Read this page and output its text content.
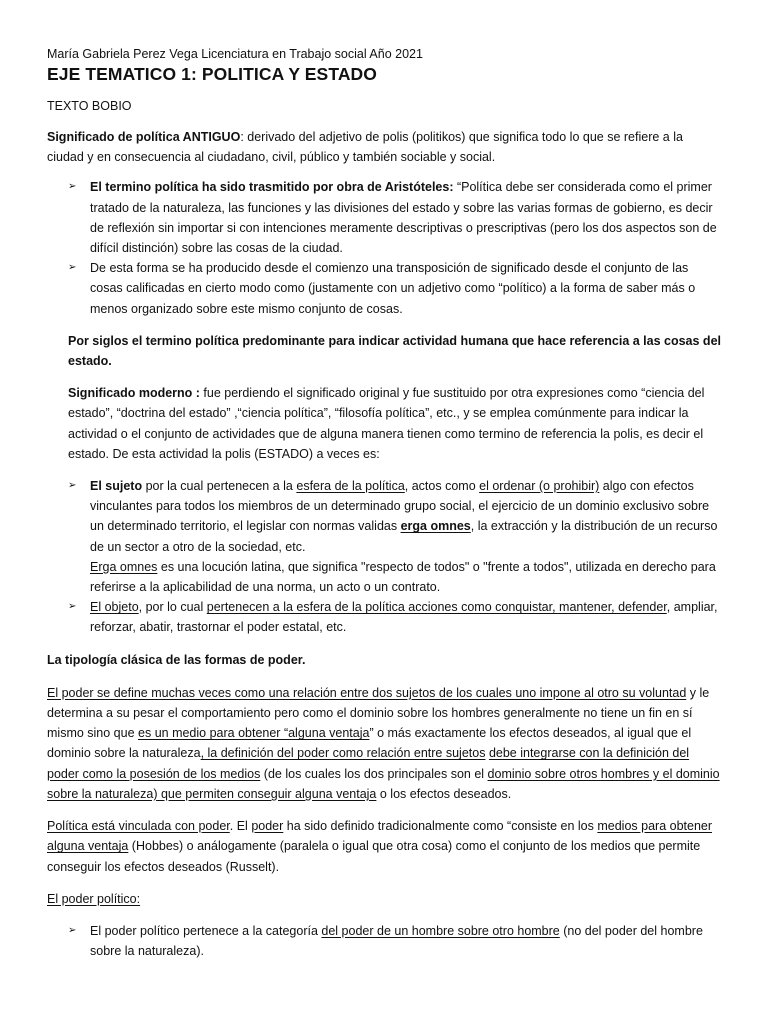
María Gabriela Perez Vega Licenciatura en Trabajo social Año 2021
EJE TEMATICO 1: POLITICA Y ESTADO
TEXTO BOBIO

Significado de política ANTIGUO: derivado del adjetivo de polis (politikos) que significa todo lo que se refiere a la ciudad y en consecuencia al ciudadano, civil, público y también sociable y social.

➢ El termino política ha sido trasmitido por obra de Aristóteles: “Política debe ser considerada como el primer tratado de la naturaleza, las funciones y las divisiones del estado y sobre las varias formas de gobierno, es decir de reflexión sin importar si con intenciones meramente descriptivas o prescriptivas (pero los dos aspectos son de difícil distinción) sobre las cosas de la ciudad.
➢ De esta forma se ha producido desde el comienzo una transposición de significado desde el conjunto de las cosas calificadas en cierto modo como (justamente con un adjetivo como “político) a la forma de saber más o menos organizado sobre este mismo conjunto de cosas.

Por siglos el termino política predominante para indicar actividad humana que hace referencia a las cosas del estado.

Significado moderno : fue perdiendo el significado original y fue sustituido por otra expresiones como “ciencia del estado”, “doctrina del estado” ,“ciencia política”, “filosofía política”, etc., y se emplea comúnmente para indicar la actividad o el conjunto de actividades que de alguna manera tienen como termino de referencia la polis, es decir el estado. De esta actividad la polis (ESTADO) a veces es:

➢ El sujeto por la cual pertenecen a la esfera de la política, actos como el ordenar (o prohibir) algo con efectos vinculantes para todos los miembros de un determinado grupo social, el ejercicio de un dominio exclusivo sobre un determinado territorio, el legislar con normas validas erga omnes, la extracción y la distribución de un recurso de un sector a otro de la sociedad, etc.
Erga omnes es una locución latina, que significa "respecto de todos" o "frente a todos", utilizada en derecho para referirse a la aplicabilidad de una norma, un acto o un contrato.
➢ El objeto, por lo cual pertenecen a la esfera de la política acciones como conquistar, mantener, defender, ampliar, reforzar, abatir, trastornar el poder estatal, etc.

La tipología clásica de las formas de poder.

El poder se define muchas veces como una relación entre dos sujetos de los cuales uno impone al otro su voluntad y le determina a su pesar el comportamiento pero como el dominio sobre los hombres generalmente no tiene un fin en sí mismo sino que es un medio para obtener “alguna ventaja” o más exactamente los efectos deseados, al igual que el dominio sobre la naturaleza, la definición del poder como relación entre sujetos debe integrarse con la definición del poder como la posesión de los medios (de los cuales los dos principales son el dominio sobre otros hombres y el dominio sobre la naturaleza) que permiten conseguir alguna ventaja o los efectos deseados.

Política está vinculada con poder. El poder ha sido definido tradicionalmente como “consiste en los medios para obtener alguna ventaja (Hobbes) o análogamente (paralela o igual que otra cosa) como el conjunto de los medios que permite conseguir los efectos deseados (Russelt).

El poder político:

➢ El poder político pertenece a la categoría del poder de un hombre sobre otro hombre (no del poder del hombre sobre la naturaleza).
